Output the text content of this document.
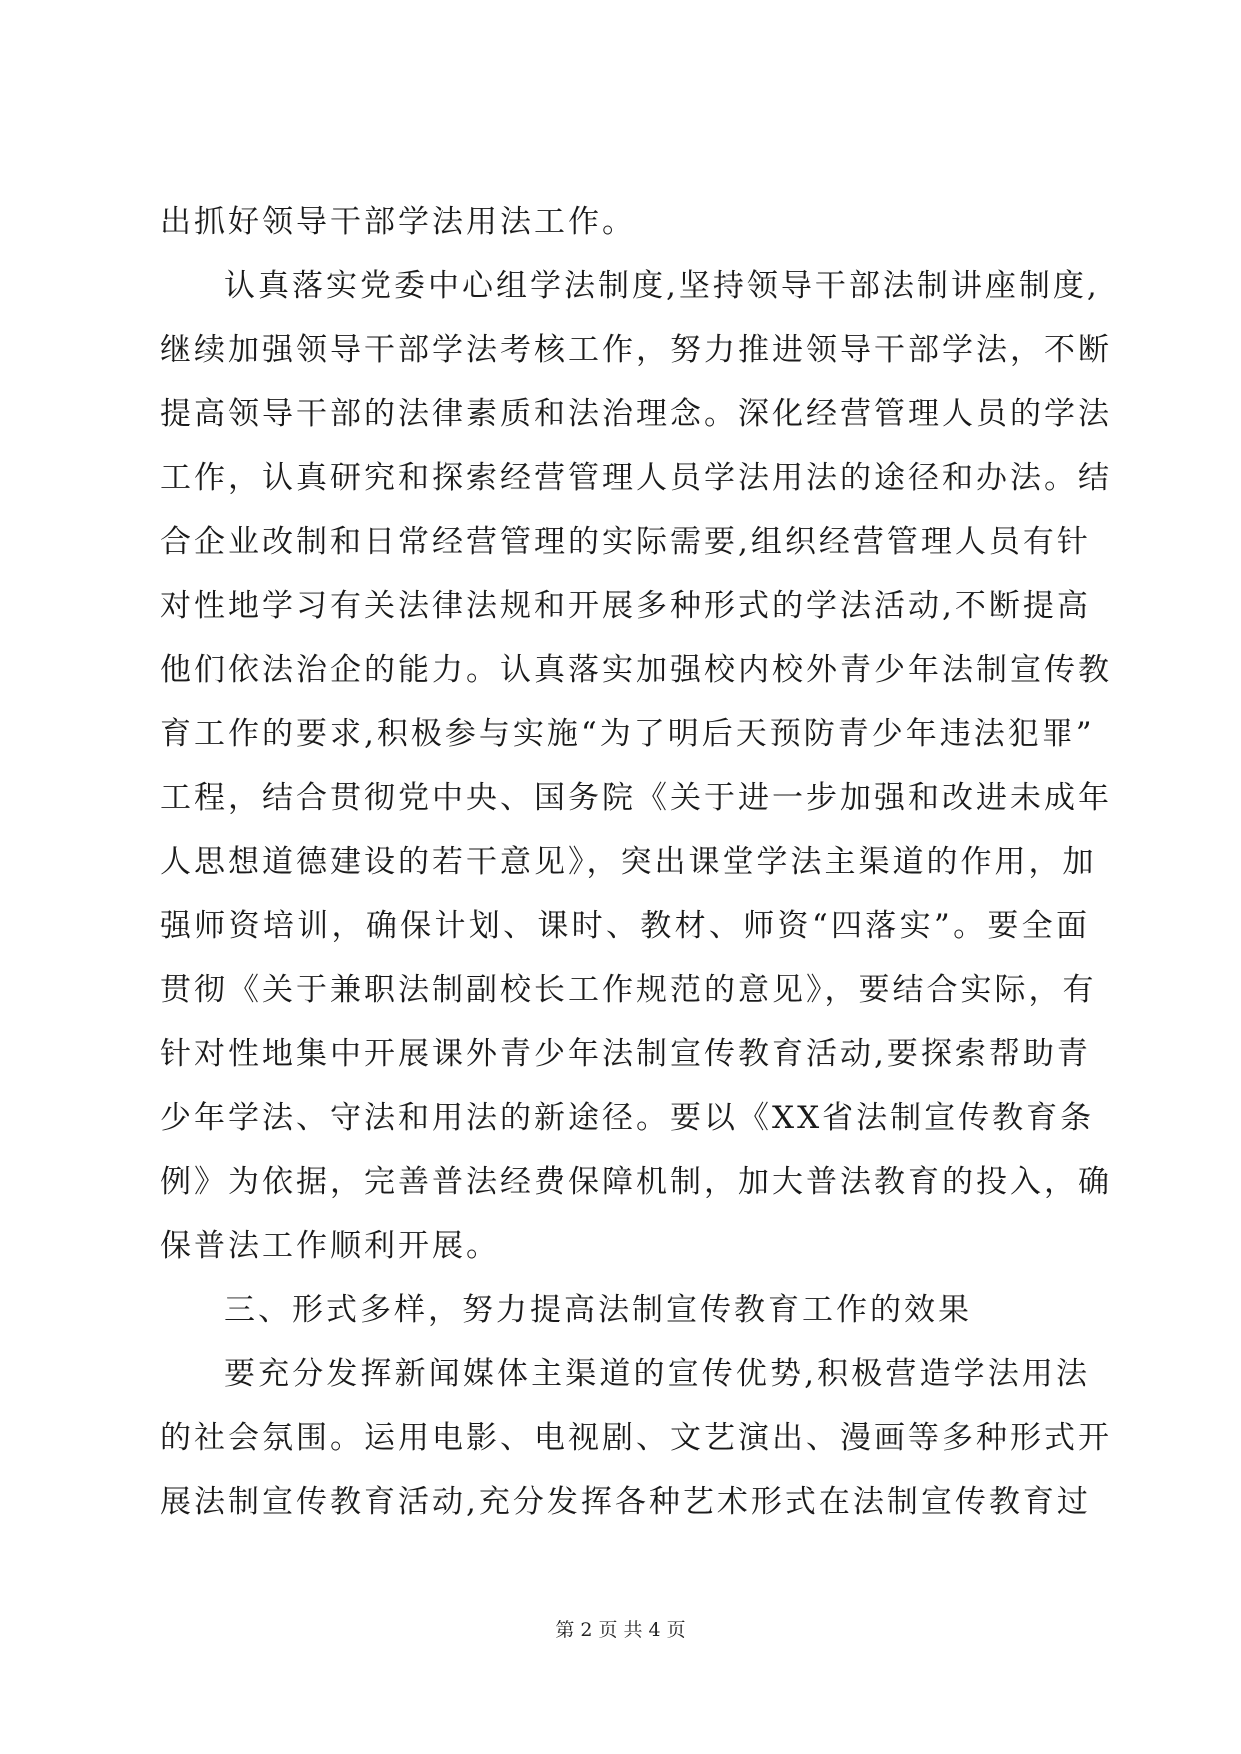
出抓好领导干部学法用法工作。
认真落实党委中心组学法制度,坚持领导干部法制讲座制度,
继续加强领导干部学法考核工作，努力推进领导干部学法，不断
提高领导干部的法律素质和法治理念。深化经营管理人员的学法
工作，认真研究和探索经营管理人员学法用法的途径和办法。结
合企业改制和日常经营管理的实际需要,组织经营管理人员有针
对性地学习有关法律法规和开展多种形式的学法活动,不断提高
他们依法治企的能力。认真落实加强校内校外青少年法制宣传教
育工作的要求,积极参与实施“为了明后天预防青少年违法犯罪”
工程，结合贯彻党中央、国务院《关于进一步加强和改进未成年
人思想道德建设的若干意见》，突出课堂学法主渠道的作用，加
强师资培训，确保计划、课时、教材、师资“四落实”。要全面
贯彻《关于兼职法制副校长工作规范的意见》，要结合实际，有
针对性地集中开展课外青少年法制宣传教育活动,要探索帮助青
少年学法、守法和用法的新途径。要以《XX省法制宣传教育条
例》为依据，完善普法经费保障机制，加大普法教育的投入，确
保普法工作顺利开展。
三、形式多样，努力提高法制宣传教育工作的效果
要充分发挥新闻媒体主渠道的宣传优势,积极营造学法用法
的社会氛围。运用电影、电视剧、文艺演出、漫画等多种形式开
展法制宣传教育活动,充分发挥各种艺术形式在法制宣传教育过
第 2 页 共 4 页
